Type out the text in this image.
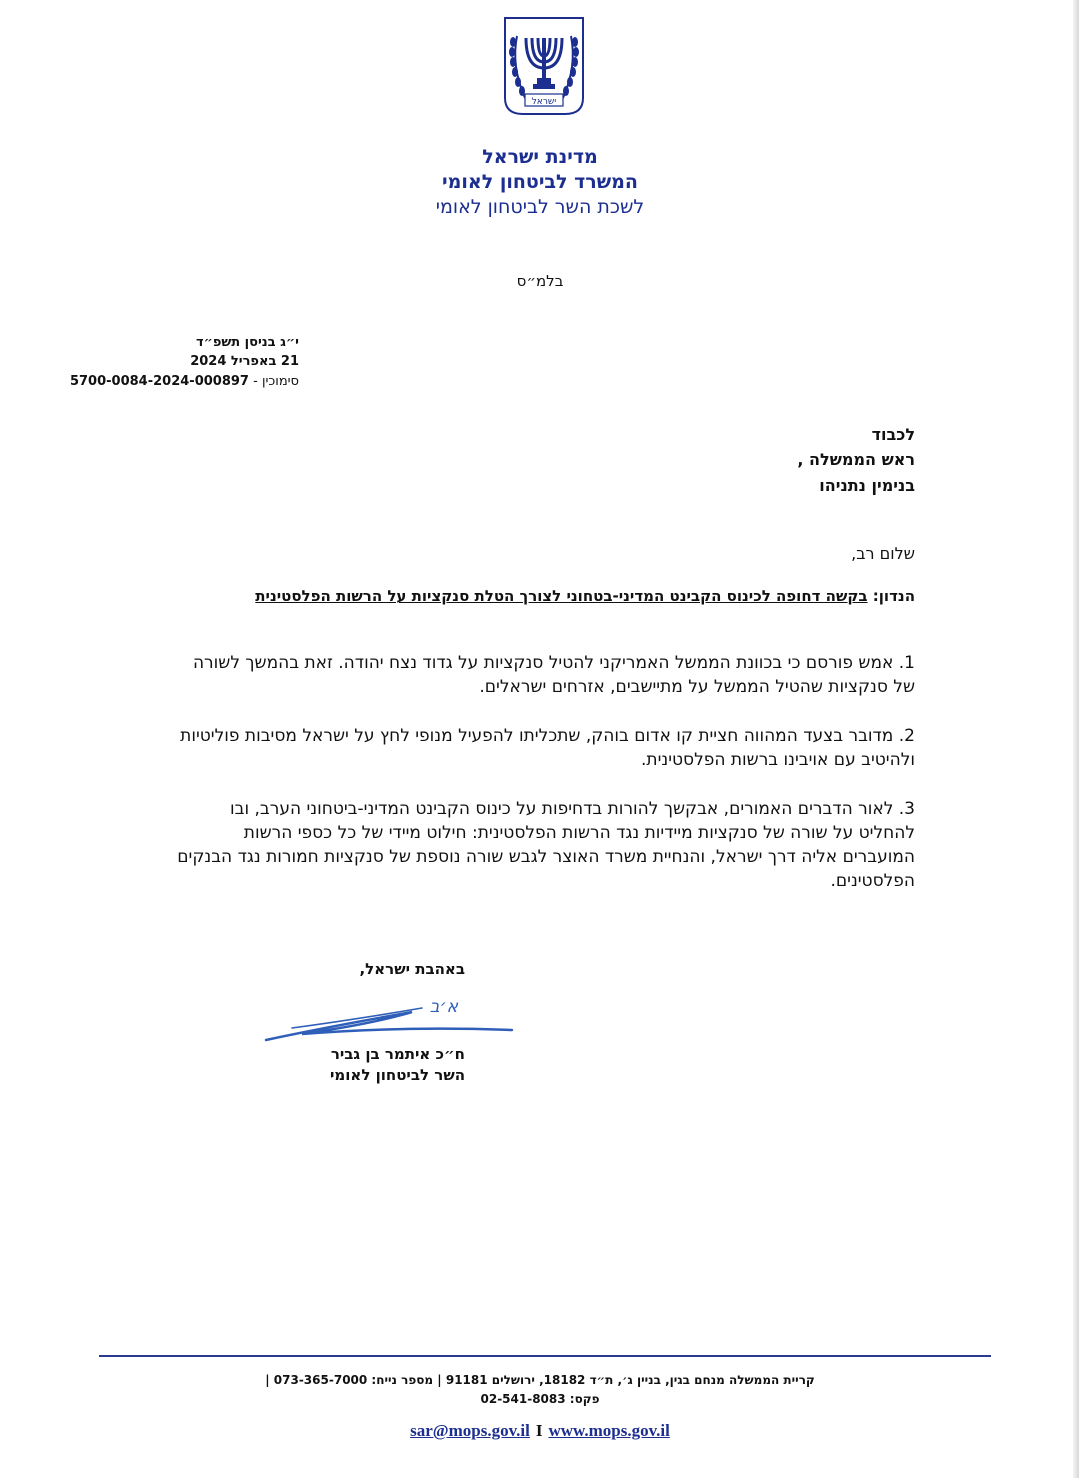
ישראל
מדינת ישראל
המשרד לביטחון לאומי
לשכת השר לביטחון לאומי
בלמ״ס
י״ג בניסן תשפ״ד
21 באפריל 2024
סימוכין - 5700-0084-2024-000897
לכבוד
ראש הממשלה ,
בנימין נתניהו
שלום רב,
הנדון: בקשה דחופה לכינוס הקבינט המדיני-בטחוני לצורך הטלת סנקציות על הרשות הפלסטינית
1. אמש פורסם כי בכוונת הממשל האמריקני להטיל סנקציות על גדוד נצח יהודה. זאת בהמשך לשורה של סנקציות שהטיל הממשל על מתיישבים, אזרחים ישראלים.
2. מדובר בצעד המהווה חציית קו אדום בוהק, שתכליתו להפעיל מנופי לחץ על ישראל מסיבות פוליטיות ולהיטיב עם אויבינו ברשות הפלסטינית.
3. לאור הדברים האמורים, אבקשך להורות בדחיפות על כינוס הקבינט המדיני-ביטחוני הערב, ובו להחליט על שורה של סנקציות מיידיות נגד הרשות הפלסטינית: חילוט מיידי של כל כספי הרשות המועברים אליה דרך ישראל, והנחיית משרד האוצר לגבש שורה נוספת של סנקציות חמורות נגד הבנקים הפלסטינים.
באהבת ישראל,
א׳ב
ח״כ איתמר בן גביר
השר לביטחון לאומי
קריית הממשלה מנחם בגין, בניין ג׳, ת״ד 18182, ירושלים 91181 | מספר נייח: 073-365-7000 |
פקס: 02-541-8083
sar@mops.gov.il I www.mops.gov.il
